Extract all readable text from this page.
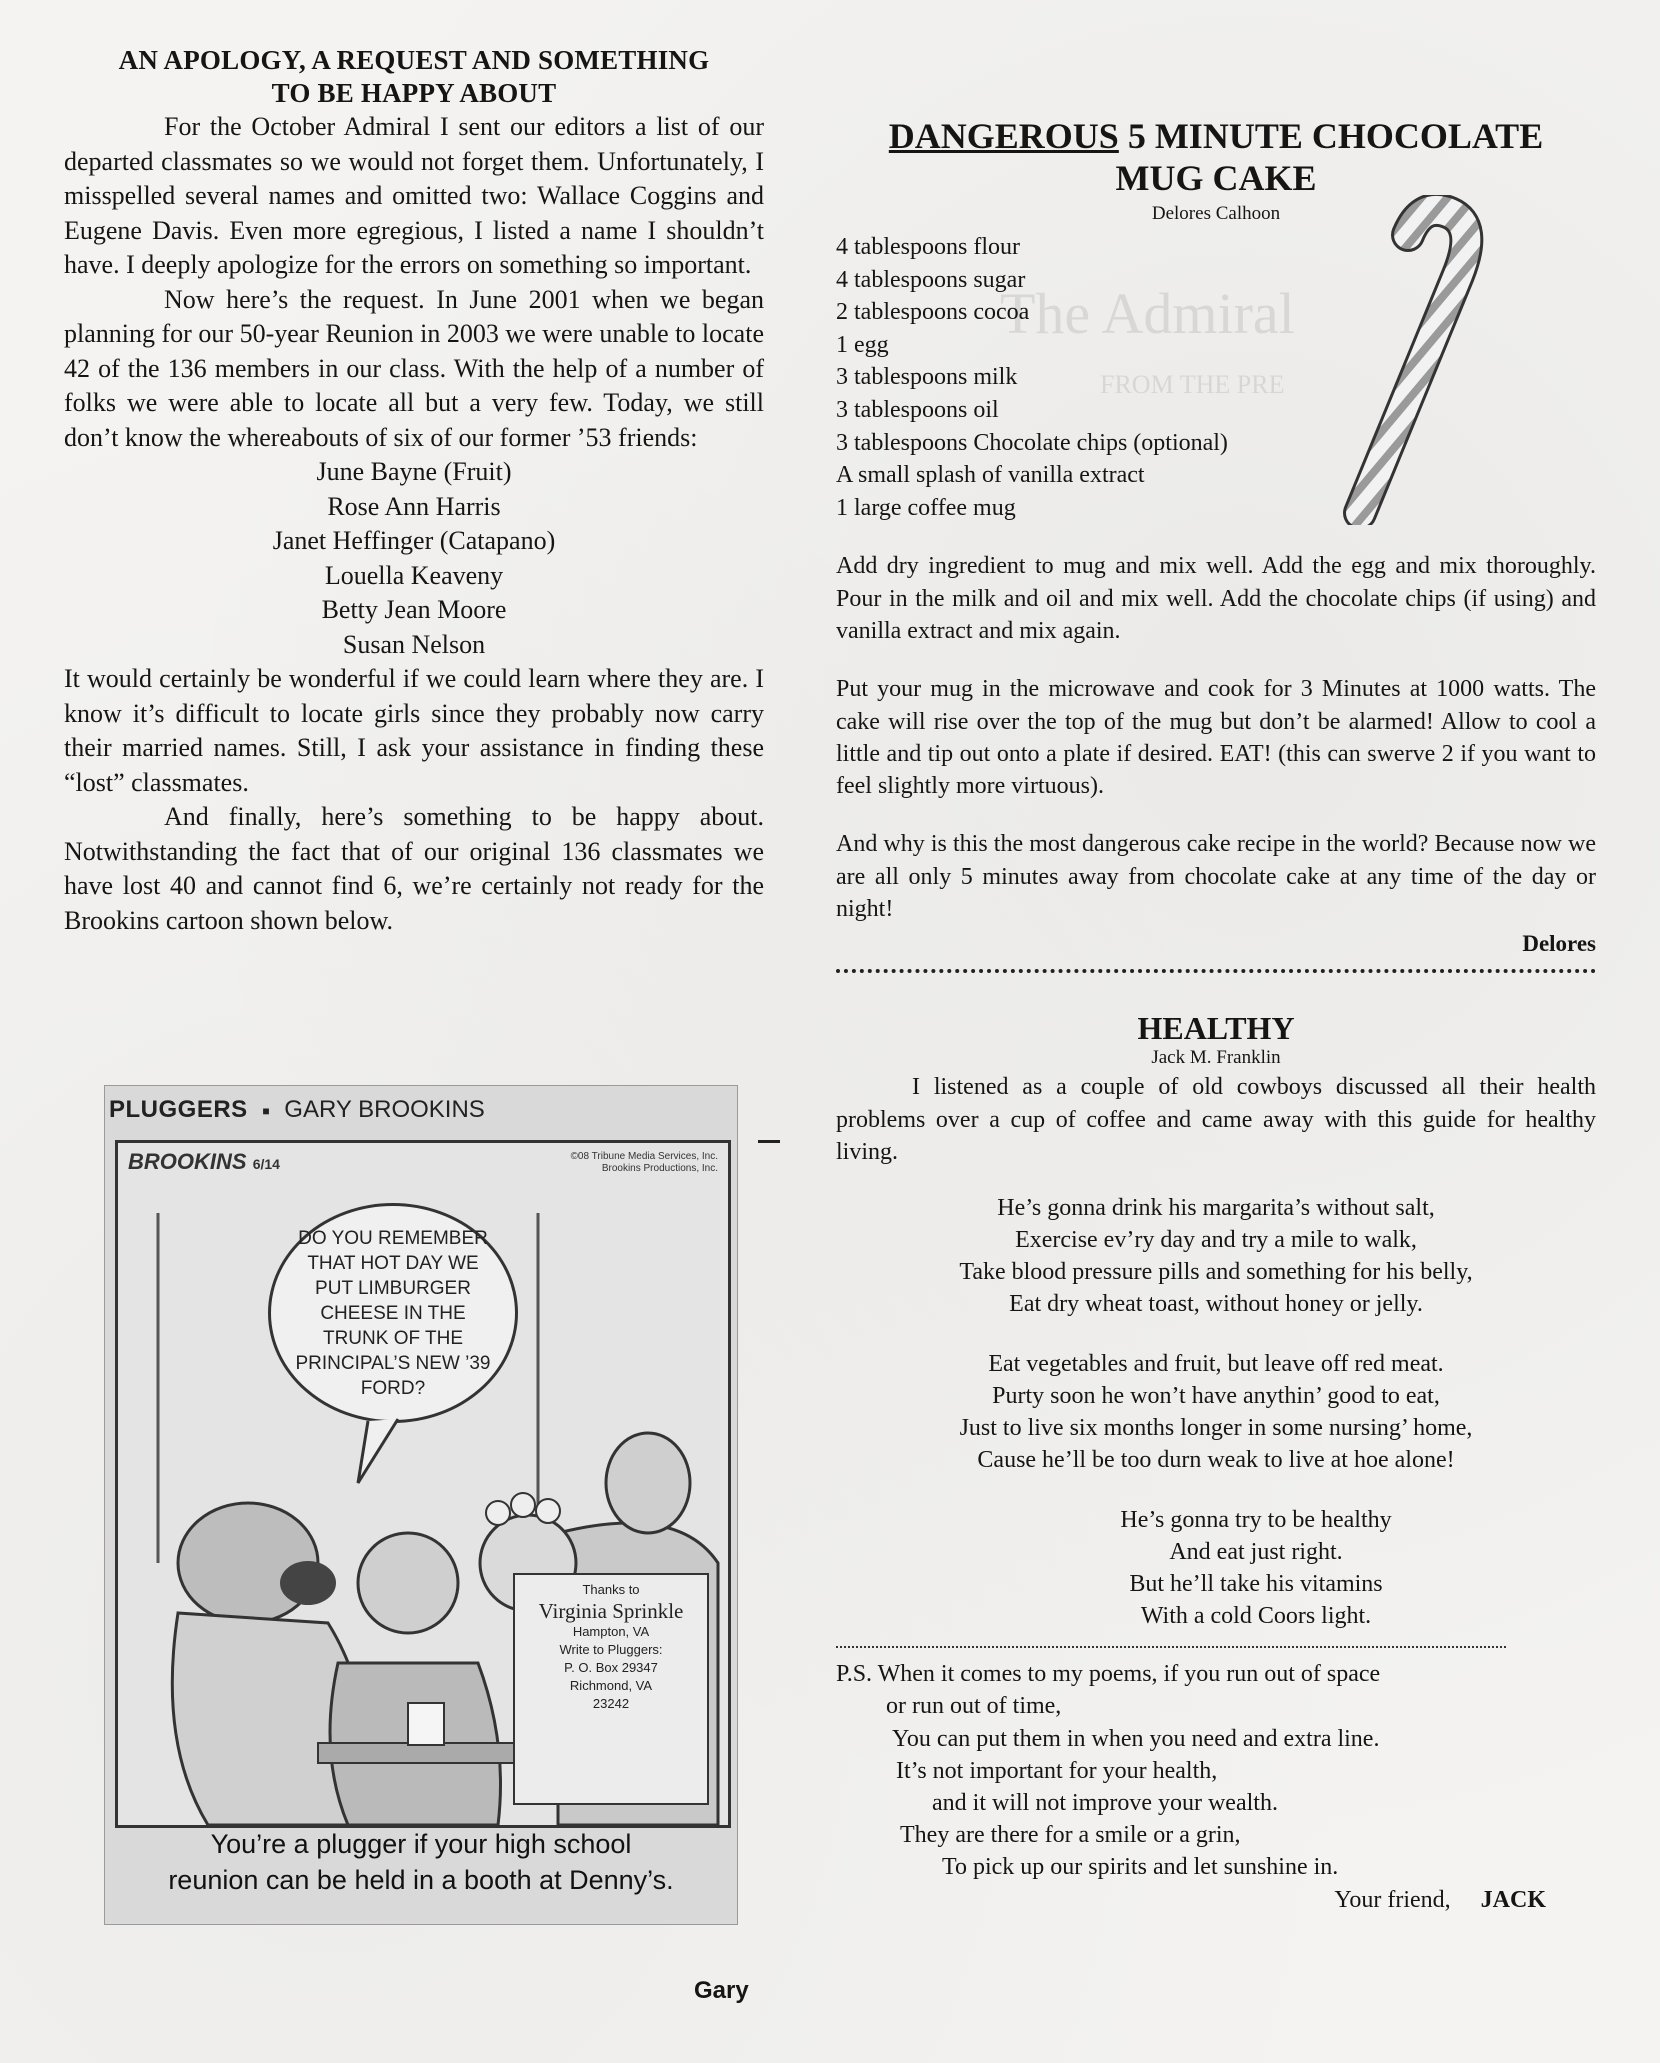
The Admiral
FROM THE PRE
AN APOLOGY, A REQUEST AND SOMETHING
TO BE HAPPY ABOUT

For the October Admiral I sent our editors a list of our departed classmates so we would not forget them. Unfortunately, I misspelled several names and omitted two: Wallace Coggins and Eugene Davis. Even more egregious, I listed a name I shouldn’t have. I deeply apologize for the errors on something so important.

Now here’s the request. In June 2001 when we began planning for our 50-year Reunion in 2003 we were unable to locate 42 of the 136 members in our class. With the help of a number of folks we were able to locate all but a very few. Today, we still don’t know the whereabouts of six of our former ’53 friends:

June Bayne (Fruit)
Rose Ann Harris
Janet Heffinger (Catapano)
Louella Keaveny
Betty Jean Moore
Susan Nelson

It would certainly be wonderful if we could learn where they are. I know it’s difficult to locate girls since they probably now carry their married names. Still, I ask your assistance in finding these “lost” classmates.

And finally, here’s something to be happy about. Notwithstanding the fact that of our original 136 classmates we have lost 40 and cannot find 6, we’re certainly not ready for the Brookins cartoon shown below.

PLUGGERS ■ GARY BROOKINS
BROOKINS 6/14	©08 Tribune Media Services, Inc. Brookins Productions, Inc.
DO YOU REMEMBER THAT HOT DAY WE PUT LIMBURGER CHEESE IN THE TRUNK OF THE PRINCIPAL’S NEW ’39 FORD?
Thanks to
Virginia Sprinkle
Hampton, VA
Write to Pluggers:
P. O. Box 29347
Richmond, VA
23242
You’re a plugger if your high school
reunion can be held in a booth at Denny’s.
Gary
DANGEROUS 5 MINUTE CHOCOLATE
MUG CAKE
Delores Calhoon
4 tablespoons flour
4 tablespoons sugar
2 tablespoons cocoa
1 egg
3 tablespoons milk
3 tablespoons oil
3 tablespoons Chocolate chips (optional)
A small splash of vanilla extract
1 large coffee mug

Add dry ingredient to mug and mix well. Add the egg and mix thoroughly. Pour in the milk and oil and mix well. Add the chocolate chips (if using) and vanilla extract and mix again.

Put your mug in the microwave and cook for 3 Minutes at 1000 watts. The cake will rise over the top of the mug but don’t be alarmed! Allow to cool a little and tip out onto a plate if desired. EAT! (this can swerve 2 if you want to feel slightly more virtuous).

And why is this the most dangerous cake recipe in the world? Because now we are all only 5 minutes away from chocolate cake at any time of the day or night!

Delores

HEALTHY
Jack M. Franklin

I listened as a couple of old cowboys discussed all their health problems over a cup of coffee and came away with this guide for healthy living.

He’s gonna drink his margarita’s without salt,
Exercise ev’ry day and try a mile to walk,
Take blood pressure pills and something for his belly,
Eat dry wheat toast, without honey or jelly.
Eat vegetables and fruit, but leave off red meat.
Purty soon he won’t have anythin’ good to eat,
Just to live six months longer in some nursing’ home,
Cause he’ll be too durn weak to live at hoe alone!
He’s gonna try to be healthy
And eat just right.
But he’ll take his vitamins
With a cold Coors light.
P.S. When it comes to my poems, if you run out of space
or run out of time,
You can put them in when you need and extra line.
It’s not important for your health,
and it will not improve your wealth.
They are there for a smile or a grin,
To pick up our spirits and let sunshine in.
Your friend, JACK
